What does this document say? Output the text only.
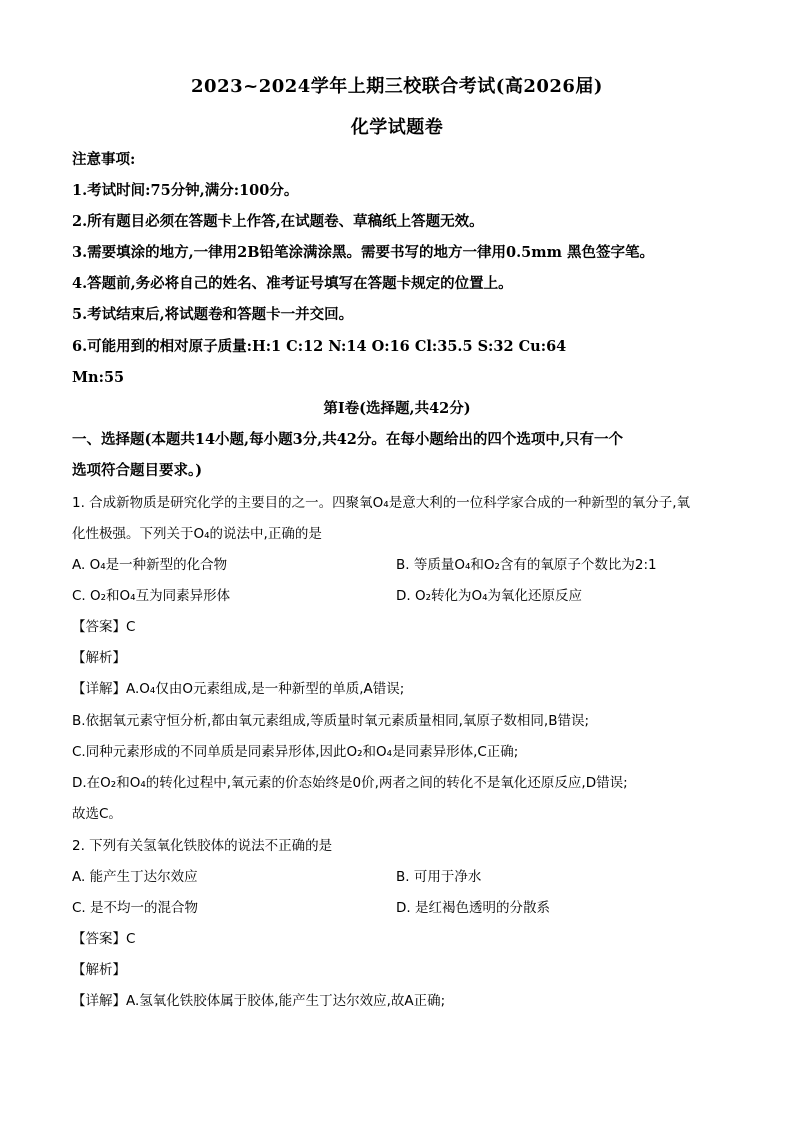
2023~2024学年上期三校联合考试(高2026届)
化学试题卷
注意事项:
1.考试时间:75分钟,满分:100分。
2.所有题目必须在答题卡上作答,在试题卷、草稿纸上答题无效。
3.需要填涂的地方,一律用2B铅笔涂满涂黑。需要书写的地方一律用0.5mm 黑色签字笔。
4.答题前,务必将自己的姓名、准考证号填写在答题卡规定的位置上。
5.考试结束后,将试题卷和答题卡一并交回。
6.可能用到的相对原子质量:H:1 C:12 N:14 O:16 Cl:35.5 S:32 Cu:64
Mn:55
第I卷(选择题,共42分)
一、选择题(本题共14小题,每小题3分,共42分。在每小题给出的四个选项中,只有一个
选项符合题目要求。)
1. 合成新物质是研究化学的主要目的之一。四聚氧O₄是意大利的一位科学家合成的一种新型的氧分子,氧
化性极强。下列关于O₄的说法中,正确的是
A. O₄是一种新型的化合物	B. 等质量O₄和O₂含有的氧原子个数比为2:1
C. O₂和O₄互为同素异形体	D. O₂转化为O₄为氧化还原反应
【答案】C
【解析】
【详解】A.O₄仅由O元素组成,是一种新型的单质,A错误;
B.依据氧元素守恒分析,都由氧元素组成,等质量时氧元素质量相同,氧原子数相同,B错误;
C.同种元素形成的不同单质是同素异形体,因此O₂和O₄是同素异形体,C正确;
D.在O₂和O₄的转化过程中,氧元素的价态始终是0价,两者之间的转化不是氧化还原反应,D错误;
故选C。
2. 下列有关氢氧化铁胶体的说法不正确的是
A. 能产生丁达尔效应	B. 可用于净水
C. 是不均一的混合物	D. 是红褐色透明的分散系
【答案】C
【解析】
【详解】A.氢氧化铁胶体属于胶体,能产生丁达尔效应,故A正确;
